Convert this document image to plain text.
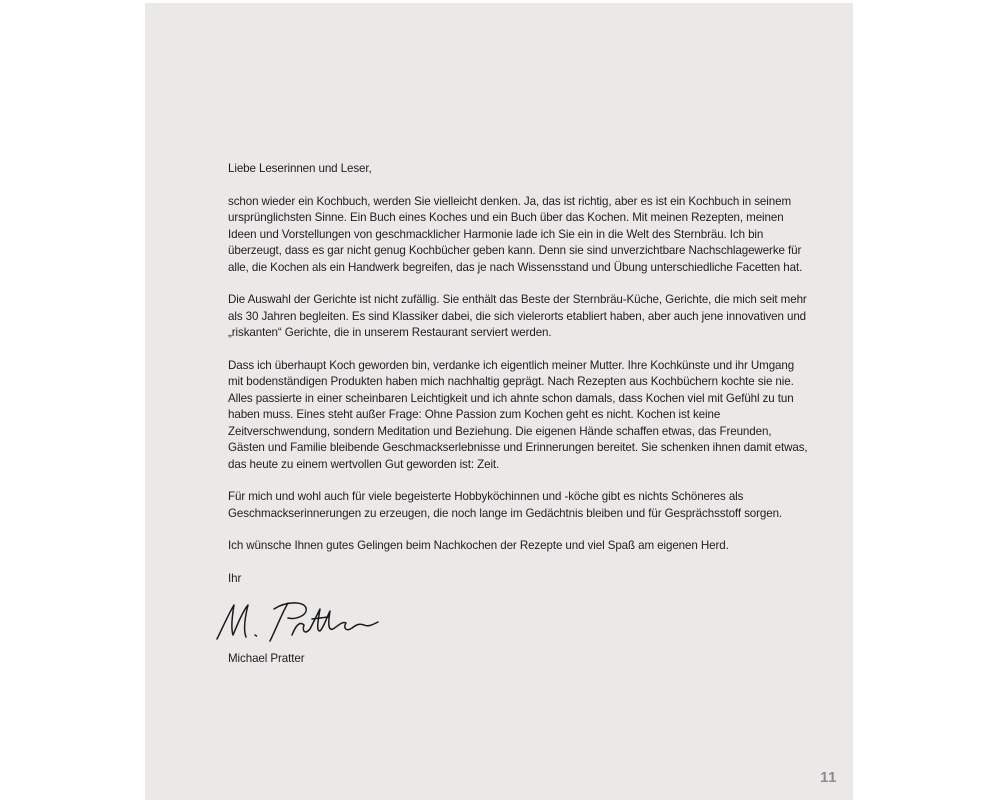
Liebe Leserinnen und Leser,

schon wieder ein Kochbuch, werden Sie vielleicht denken. Ja, das ist richtig, aber es ist ein Kochbuch in seinem ursprünglichsten Sinne. Ein Buch eines Koches und ein Buch über das Kochen. Mit meinen Rezepten, meinen Ideen und Vorstellungen von geschmacklicher Harmonie lade ich Sie ein in die Welt des Sternbräu. Ich bin überzeugt, dass es gar nicht genug Kochbücher geben kann. Denn sie sind unverzichtbare Nachschlagewerke für alle, die Kochen als ein Handwerk begreifen, das je nach Wissensstand und Übung unterschiedliche Facetten hat.

Die Auswahl der Gerichte ist nicht zufällig. Sie enthält das Beste der Sternbräu-Küche, Gerichte, die mich seit mehr als 30 Jahren begleiten. Es sind Klassiker dabei, die sich vielerorts etabliert haben, aber auch jene innovativen und „riskanten“ Gerichte, die in unserem Restaurant serviert werden.

Dass ich überhaupt Koch geworden bin, verdanke ich eigentlich meiner Mutter. Ihre Kochkünste und ihr Umgang mit bodenständigen Produkten haben mich nachhaltig geprägt. Nach Rezepten aus Kochbüchern kochte sie nie. Alles passierte in einer scheinbaren Leichtigkeit und ich ahnte schon damals, dass Kochen viel mit Gefühl zu tun haben muss. Eines steht außer Frage: Ohne Passion zum Kochen geht es nicht. Kochen ist keine Zeitverschwendung, sondern Meditation und Beziehung. Die eigenen Hände schaffen etwas, das Freunden, Gästen und Familie bleibende Geschmackserlebnisse und Erinnerungen bereitet. Sie schenken ihnen damit etwas, das heute zu einem wertvollen Gut geworden ist: Zeit.

Für mich und wohl auch für viele begeisterte Hobbyköchinnen und -köche gibt es nichts Schöneres als Geschmackserinnerungen zu erzeugen, die noch lange im Gedächtnis bleiben und für Gesprächsstoff sorgen.

Ich wünsche Ihnen gutes Gelingen beim Nachkochen der Rezepte und viel Spaß am eigenen Herd.

Ihr

Michael Pratter

11
